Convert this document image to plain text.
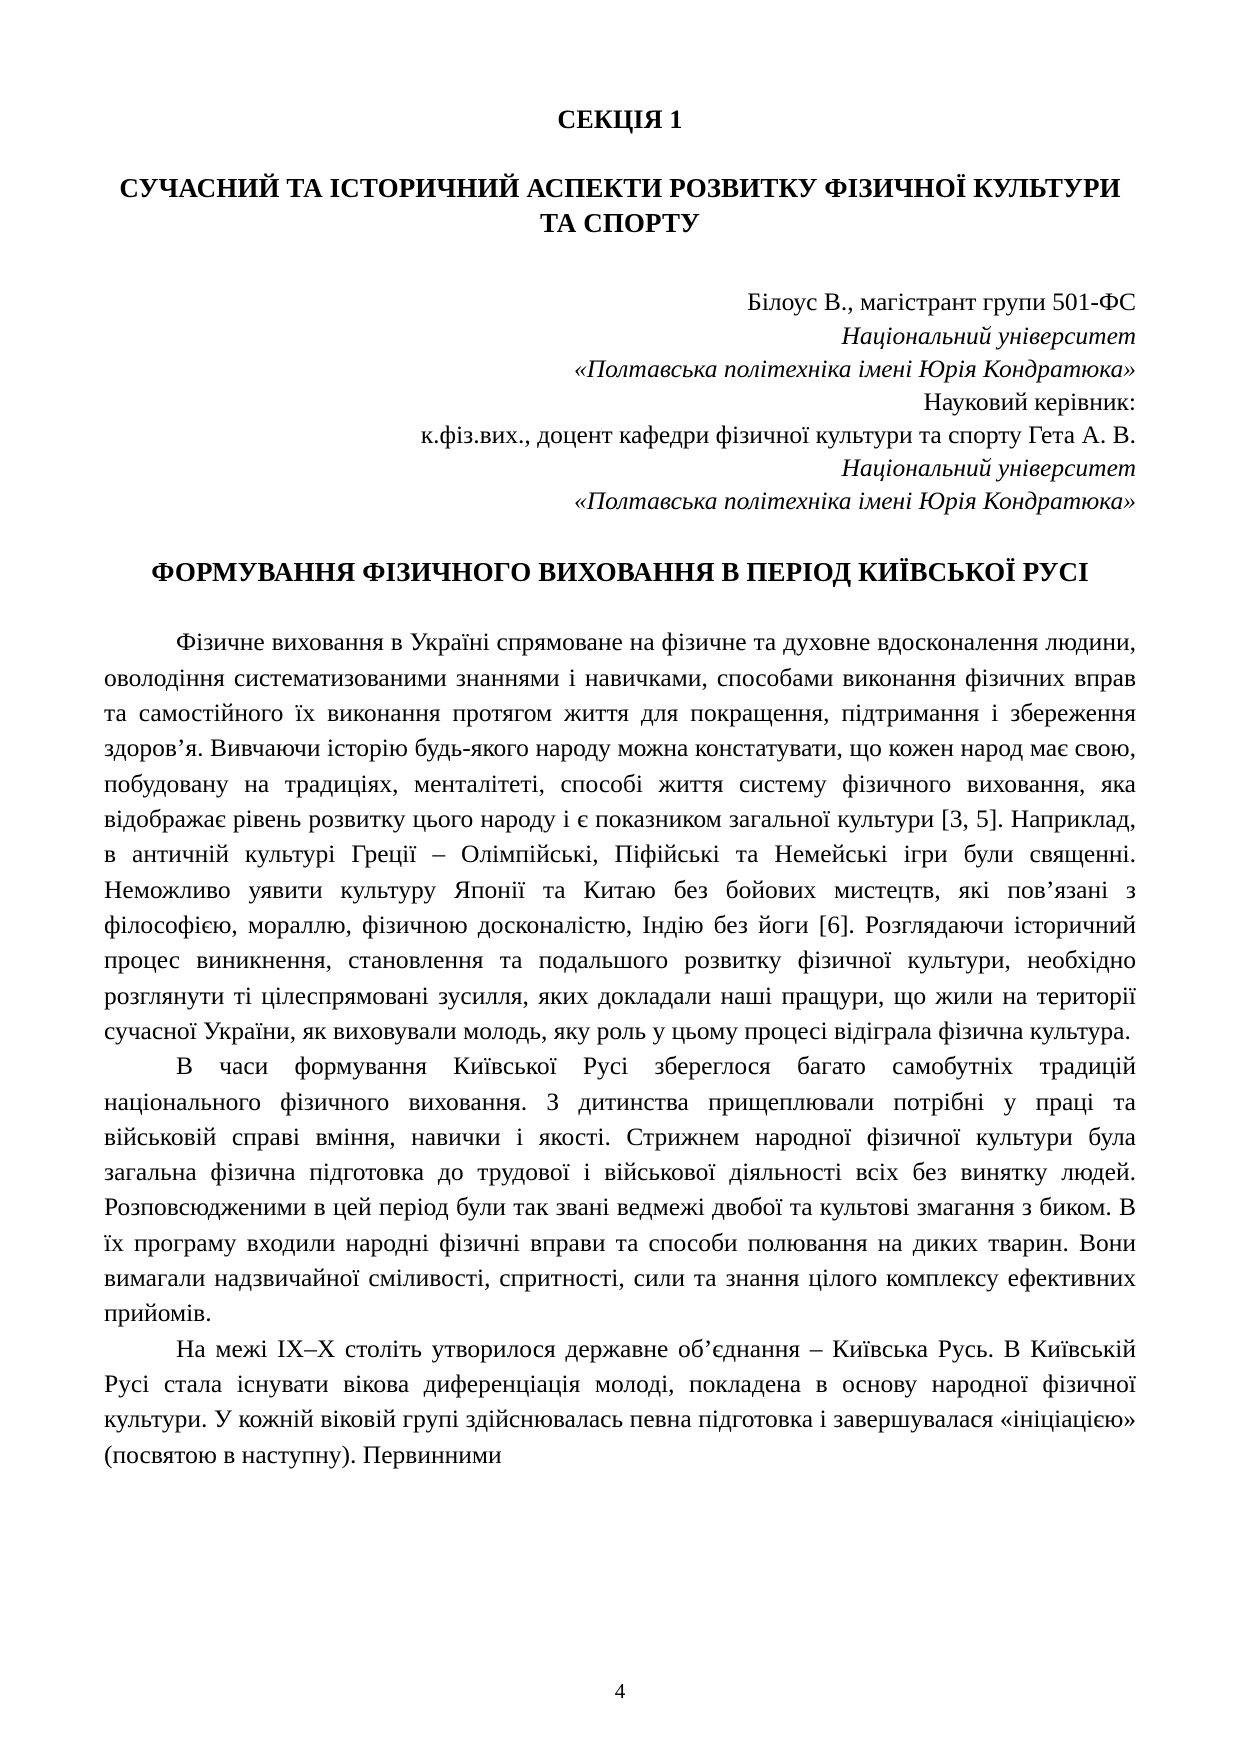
СЕКЦІЯ 1
СУЧАСНИЙ ТА ІСТОРИЧНИЙ АСПЕКТИ РОЗВИТКУ ФІЗИЧНОЇ КУЛЬТУРИ ТА СПОРТУ
Білоус В., магістрант групи 501-ФС
Національний університет
«Полтавська політехніка імені Юрія Кондратюка»
Науковий керівник:
к.фіз.вих., доцент кафедри фізичної культури та спорту Гета А. В.
Національний університет
«Полтавська політехніка імені Юрія Кондратюка»
ФОРМУВАННЯ ФІЗИЧНОГО ВИХОВАННЯ В ПЕРІОД КИЇВСЬКОЇ РУСІ

Фізичне виховання в Україні спрямоване на фізичне та духовне вдосконалення людини, оволодіння систематизованими знаннями і навичками, способами виконання фізичних вправ та самостійного їх виконання протягом життя для покращення, підтримання і збереження здоров’я. Вивчаючи історію будь-якого народу можна констатувати, що кожен народ має свою, побудовану на традиціях, менталітеті, способі життя систему фізичного виховання, яка відображає рівень розвитку цього народу і є показником загальної культури [3, 5]. Наприклад, в античній культурі Греції – Олімпійські, Піфійські та Немейські ігри були священні. Неможливо уявити культуру Японії та Китаю без бойових мистецтв, які пов’язані з філософією, мораллю, фізичною досконалістю, Індію без йоги [6]. Розглядаючи історичний процес виникнення, становлення та подальшого розвитку фізичної культури, необхідно розглянути ті цілеспрямовані зусилля, яких докладали наші пращури, що жили на території сучасної України, як виховували молодь, яку роль у цьому процесі відіграла фізична культура.

В часи формування Київської Русі збереглося багато самобутніх традицій національного фізичного виховання. З дитинства прищеплювали потрібні у праці та військовій справі вміння, навички і якості. Стрижнем народної фізичної культури була загальна фізична підготовка до трудової і військової діяльності всіх без винятку людей. Розповсюдженими в цей період були так звані ведмежі двобої та культові змагання з биком. В їх програму входили народні фізичні вправи та способи полювання на диких тварин. Вони вимагали надзвичайної сміливості, спритності, сили та знання цілого комплексу ефективних прийомів.

На межі IX–X століть утворилося державне об’єднання – Київська Русь. В Київській Русі стала існувати вікова диференціація молоді, покладена в основу народної фізичної культури. У кожній віковій групі здійснювалась певна підготовка і завершувалася «ініціацією» (посвятою в наступну). Первинними

4
